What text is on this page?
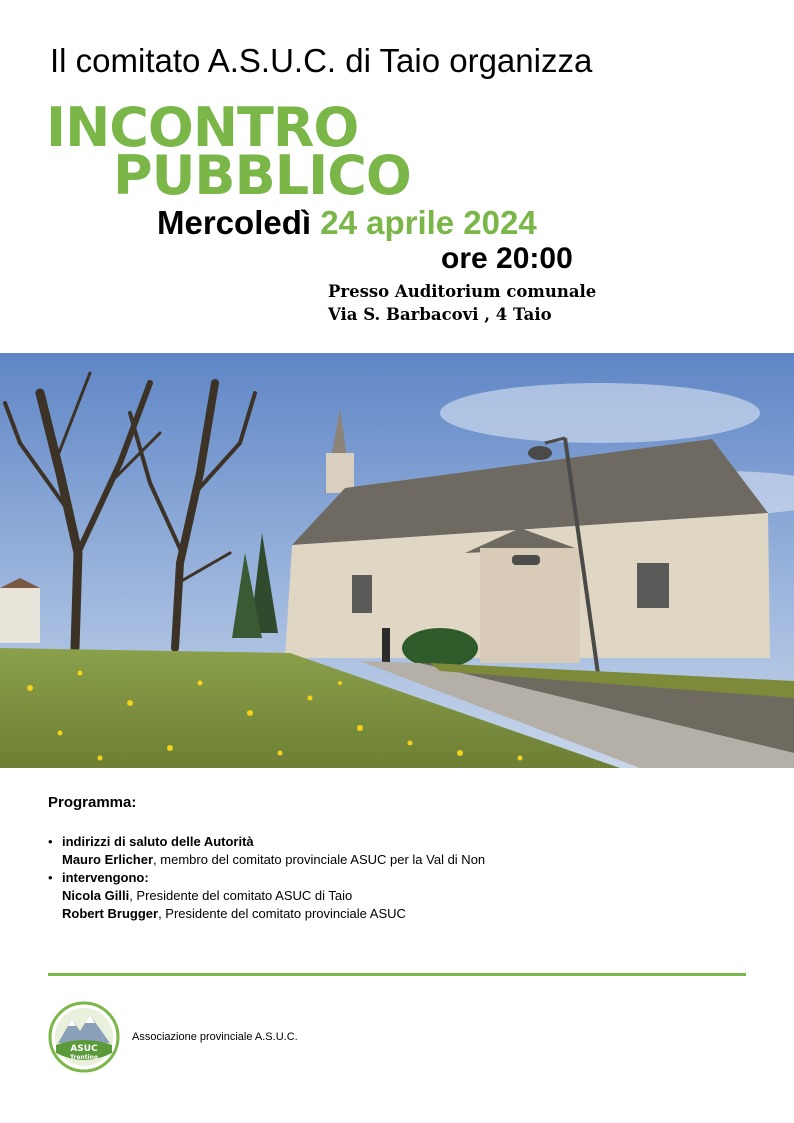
Il comitato A.S.U.C. di Taio organizza
INCONTRO
PUBBLICO
Mercoledì 24 aprile 2024
ore 20:00
Presso Auditorium comunale
Via S. Barbacovi , 4 Taio
Programma:
• indirizzi di saluto delle Autorità
Mauro Erlicher, membro del comitato provinciale ASUC per la Val di Non
• intervengono:
Nicola Gilli, Presidente del comitato ASUC di Taio
Robert Brugger, Presidente del comitato provinciale ASUC
ASUC
Trentino
Associazione provinciale A.S.U.C.
